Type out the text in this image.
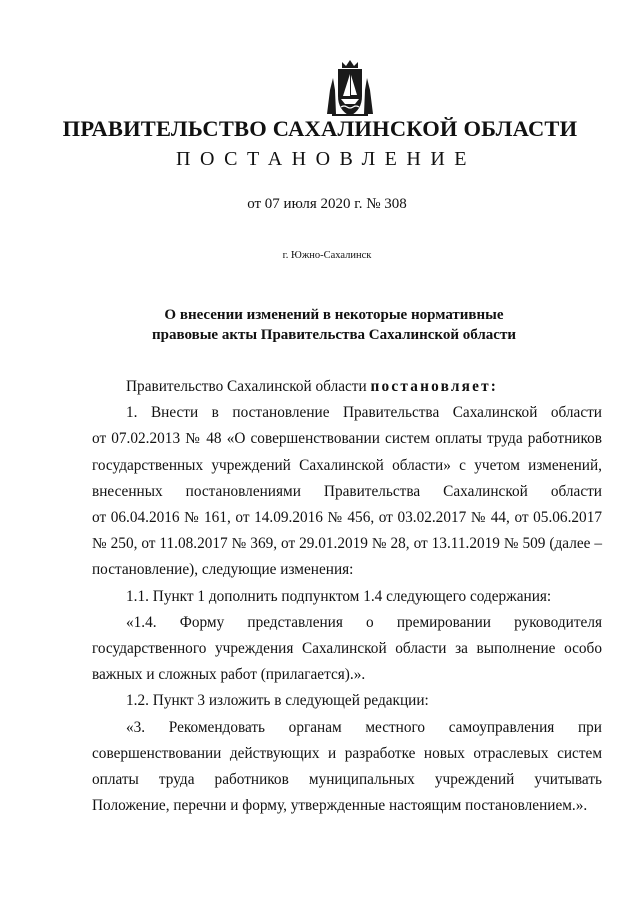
ПРАВИТЕЛЬСТВО САХАЛИНСКОЙ ОБЛАСТИ
ПОСТАНОВЛЕНИЕ
от 07 июля 2020 г. № 308
г. Южно-Сахалинск
О внесении изменений в некоторые нормативные
правовые акты Правительства Сахалинской области

Правительство Сахалинской области постановляет:

1. Внести в постановление Правительства Сахалинской области

от 07.02.2013 № 48 «О совершенствовании систем оплаты труда работников

государственных учреждений Сахалинской области» с учетом изменений,

внесенных постановлениями Правительства Сахалинской области

от 06.04.2016 № 161, от 14.09.2016 № 456, от 03.02.2017 № 44, от 05.06.2017

№ 250, от 11.08.2017 № 369, от 29.01.2019 № 28, от 13.11.2019 № 509 (далее –

постановление), следующие изменения:

1.1. Пункт 1 дополнить подпунктом 1.4 следующего содержания:

«1.4. Форму представления о премировании руководителя

государственного учреждения Сахалинской области за выполнение особо

важных и сложных работ (прилагается).».

1.2. Пункт 3 изложить в следующей редакции:

«3. Рекомендовать органам местного самоуправления при

совершенствовании действующих и разработке новых отраслевых систем

оплаты труда работников муниципальных учреждений учитывать

Положение, перечни и форму, утвержденные настоящим постановлением.».
